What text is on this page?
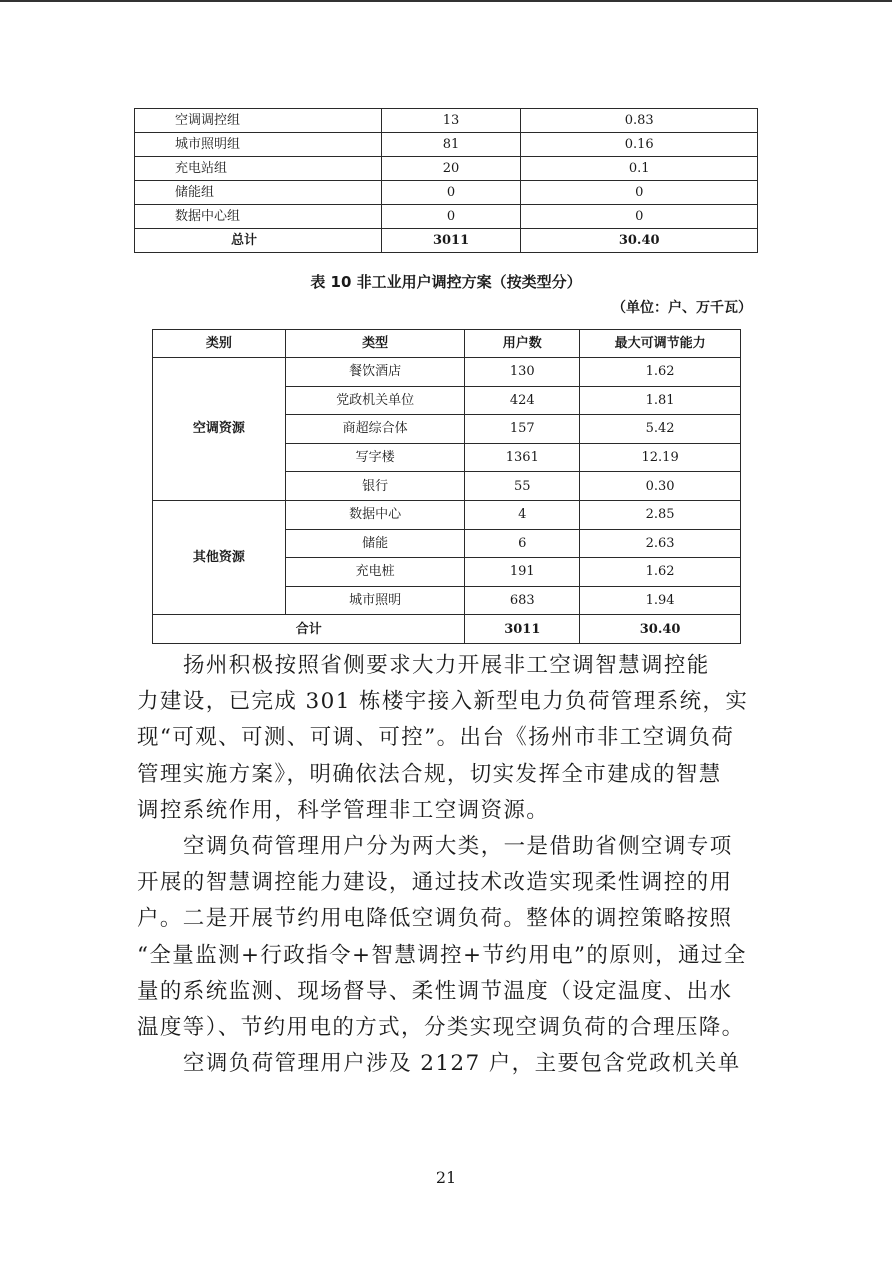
空调调控组	13	0.83
城市照明组	81	0.16
充电站组	20	0.1
储能组	0	0
数据中心组	0	0
总计	3011	30.40
表 10 非工业用户调控方案（按类型分）
（单位：户、万千瓦）
类别	类型	用户数	最大可调节能力
空调资源	餐饮酒店	130	1.62
	党政机关单位	424	1.81
	商超综合体	157	5.42
	写字楼	1361	12.19
	银行	55	0.30
其他资源	数据中心	4	2.85
	储能	6	2.63
	充电桩	191	1.62
	城市照明	683	1.94
合计		3011	30.40

扬州积极按照省侧要求大力开展非工空调智慧调控能
力建设，已完成 301 栋楼宇接入新型电力负荷管理系统，实
现“可观、可测、可调、可控”。出台《扬州市非工空调负荷
管理实施方案》，明确依法合规，切实发挥全市建成的智慧
调控系统作用，科学管理非工空调资源。

空调负荷管理用户分为两大类，一是借助省侧空调专项
开展的智慧调控能力建设，通过技术改造实现柔性调控的用
户。二是开展节约用电降低空调负荷。整体的调控策略按照
“全量监测+行政指令+智慧调控+节约用电”的原则，通过全
量的系统监测、现场督导、柔性调节温度（设定温度、出水
温度等）、节约用电的方式，分类实现空调负荷的合理压降。

空调负荷管理用户涉及 2127 户，主要包含党政机关单

21
